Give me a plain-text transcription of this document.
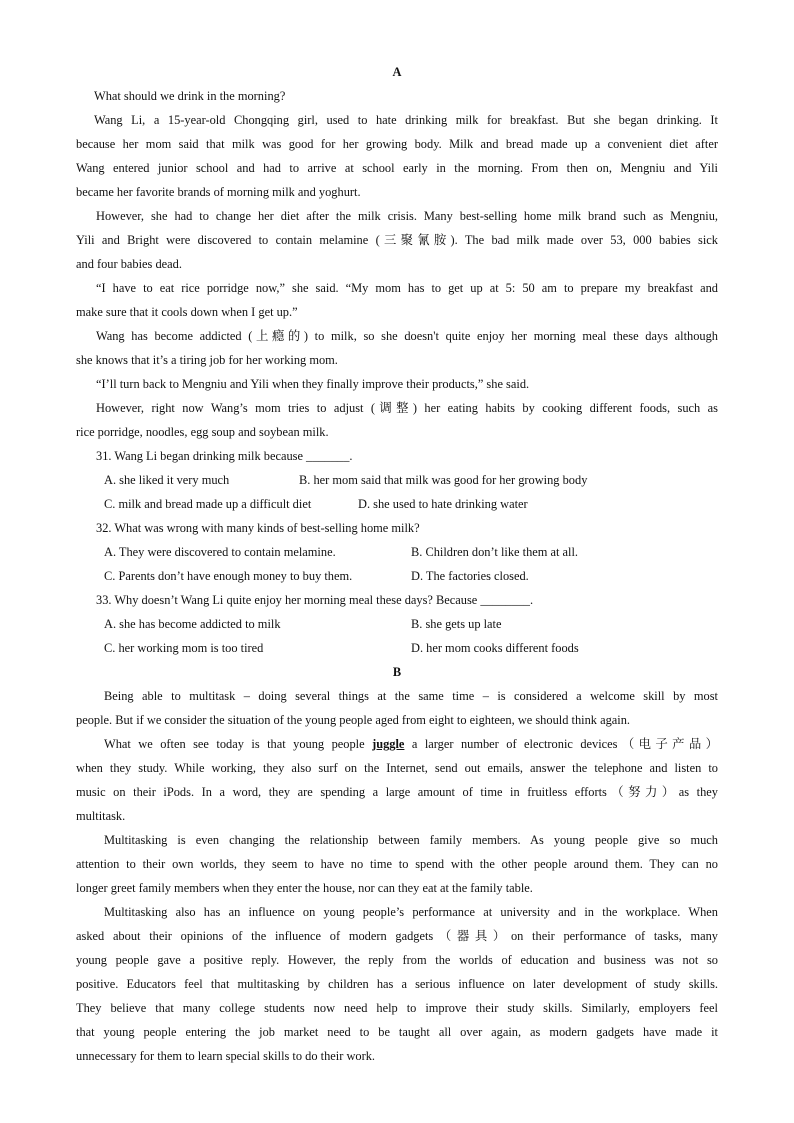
A
What should we drink in the morning?
Wang Li, a 15-year-old Chongqing girl, used to hate drinking milk for breakfast. But she began drinking. It
because her mom said that milk was good for her growing body. Milk and bread made up a convenient diet after
Wang entered junior school and had to arrive at school early in the morning. From then on, Mengniu and Yili
became her favorite brands of morning milk and yoghurt.
However, she had to change her diet after the milk crisis. Many best-selling home milk brand such as Mengniu,
Yili and Bright were discovered to contain melamine (三聚氰胺). The bad milk made over 53, 000 babies sick
and four babies dead.
“I have to eat rice porridge now,” she said. “My mom has to get up at 5: 50 am to prepare my breakfast and
make sure that it cools down when I get up.”
Wang has become addicted (上瘾的) to milk, so she doesn't quite enjoy her morning meal these days although
she knows that it’s a tiring job for her working mom.
“I’ll turn back to Mengniu and Yili when they finally improve their products,” she said.
However, right now Wang’s mom tries to adjust (调整) her eating habits by cooking different foods, such as
rice porridge, noodles, egg soup and soybean milk.
31. Wang Li began drinking milk because _______.
A. she liked it very much	B. her mom said that milk was good for her growing body
C. milk and bread made up a difficult diet	D. she used to hate drinking water
32. What was wrong with many kinds of best-selling home milk?
A. They were discovered to contain melamine.	B. Children don’t like them at all.
C. Parents don’t have enough money to buy them.	D. The factories closed.
33. Why doesn’t Wang Li quite enjoy her morning meal these days? Because ________.
A. she has become addicted to milk	B. she gets up late
C. her working mom is too tired	D. her mom cooks different foods
B
Being able to multitask – doing several things at the same time – is considered a welcome skill by most
people. But if we consider the situation of the young people aged from eight to eighteen, we should think again.
What we often see today is that young people juggle a larger number of electronic devices（电子产品）
when they study. While working, they also surf on the Internet, send out emails, answer the telephone and listen to
music on their iPods. In a word, they are spending a large amount of time in fruitless efforts（努力）as they
multitask.
Multitasking is even changing the relationship between family members. As young people give so much
attention to their own worlds, they seem to have no time to spend with the other people around them. They can no
longer greet family members when they enter the house, nor can they eat at the family table.
Multitasking also has an influence on young people’s performance at university and in the workplace. When
asked about their opinions of the influence of modern gadgets（器具）on their performance of tasks, many
young people gave a positive reply. However, the reply from the worlds of education and business was not so
positive. Educators feel that multitasking by children has a serious influence on later development of study skills.
They believe that many college students now need help to improve their study skills. Similarly, employers feel
that young people entering the job market need to be taught all over again, as modern gadgets have made it
unnecessary for them to learn special skills to do their work.
